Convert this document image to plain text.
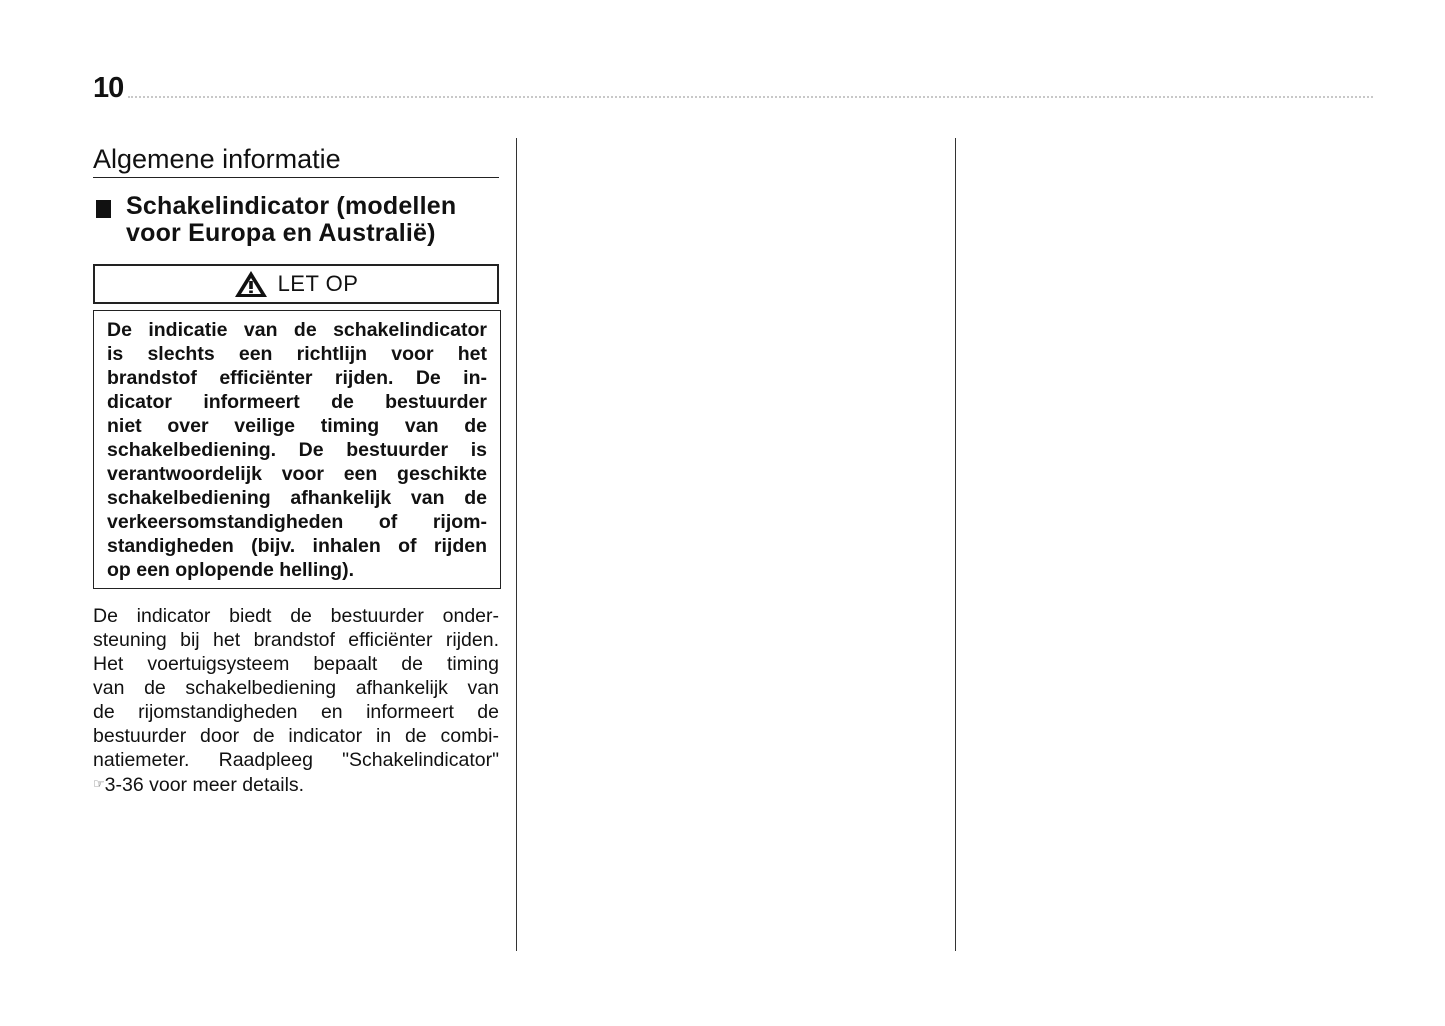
10
Algemene informatie
Schakelindicator (modellen
voor Europa en Australië)
LET OP
De indicatie van de schakelindicator
is slechts een richtlijn voor het
brandstof efficiënter rijden. De in-
dicator informeert de bestuurder
niet over veilige timing van de
schakelbediening. De bestuurder is
verantwoordelijk voor een geschikte
schakelbediening afhankelijk van de
verkeersomstandigheden of rijom-
standigheden (bijv. inhalen of rijden
op een oplopende helling).
De indicator biedt de bestuurder onder-
steuning bij het brandstof efficiënter rijden.
Het voertuigsysteem bepaalt de timing
van de schakelbediening afhankelijk van
de rijomstandigheden en informeert de
bestuurder door de indicator in de combi-
natiemeter. Raadpleeg "Schakelindicator"
☞3-36 voor meer details.
